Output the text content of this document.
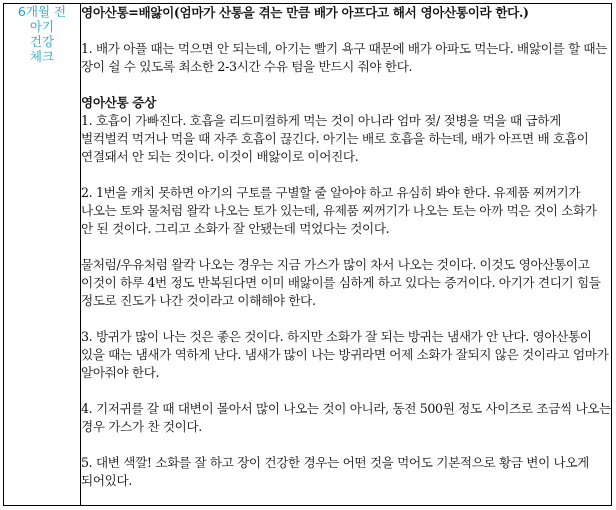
6개월 전
아기
건강
체크

영아산통=배앓이(엄마가 산통을 겪는 만큼 배가 아프다고 해서 영아산통이라 한다.)

1. 배가 아플 때는 먹으면 안 되는데, 아기는 빨기 욕구 때문에 배가 아파도 먹는다. 배앓이를 할 때는 장이 쉴 수 있도록 최소한 2-3시간 수유 텀을 반드시 줘야 한다.

영아산통 증상

1. 호흡이 가빠진다. 호흡을 리드미컬하게 먹는 것이 아니라 엄마 젖/ 젖병을 먹을 때 급하게 벌컥벌컥 먹거나 먹을 때 자주 호흡이 끊긴다. 아기는 배로 호흡을 하는데, 배가 아프면 배 호흡이 연결돼서 안 되는 것이다. 이것이 배앓이로 이어진다.

2. 1번을 캐치 못하면 아기의 구토를 구별할 줄 알아야 하고 유심히 봐야 한다. 유제품 찌꺼기가 나오는 토와 물처럼 왈칵 나오는 토가 있는데, 유제품 찌꺼기가 나오는 토는 아까 먹은 것이 소화가 안 된 것이다. 그리고 소화가 잘 안됐는데 먹었다는 것이다.

물처럼/우유처럼 왈칵 나오는 경우는 지금 가스가 많이 차서 나오는 것이다. 이것도 영아산통이고 이것이 하루 4번 정도 반복된다면 이미 배앓이를 심하게 하고 있다는 증거이다. 아기가 견디기 힘들 정도로 진도가 나간 것이라고 이해해야 한다.

3. 방귀가 많이 나는 것은 좋은 것이다. 하지만 소화가 잘 되는 방귀는 냄새가 안 난다. 영아산통이 있을 때는 냄새가 역하게 난다. 냄새가 많이 나는 방귀라면 어제 소화가 잘되지 않은 것이라고 엄마가 알아줘야 한다.

4. 기저귀를 갈 때 대변이 몰아서 많이 나오는 것이 아니라, 동전 500원 정도 사이즈로 조금씩 나오는 경우 가스가 찬 것이다.

5. 대변 색깔! 소화를 잘 하고 장이 건강한 경우는 어떤 것을 먹어도 기본적으로 황금 변이 나오게 되어있다.
